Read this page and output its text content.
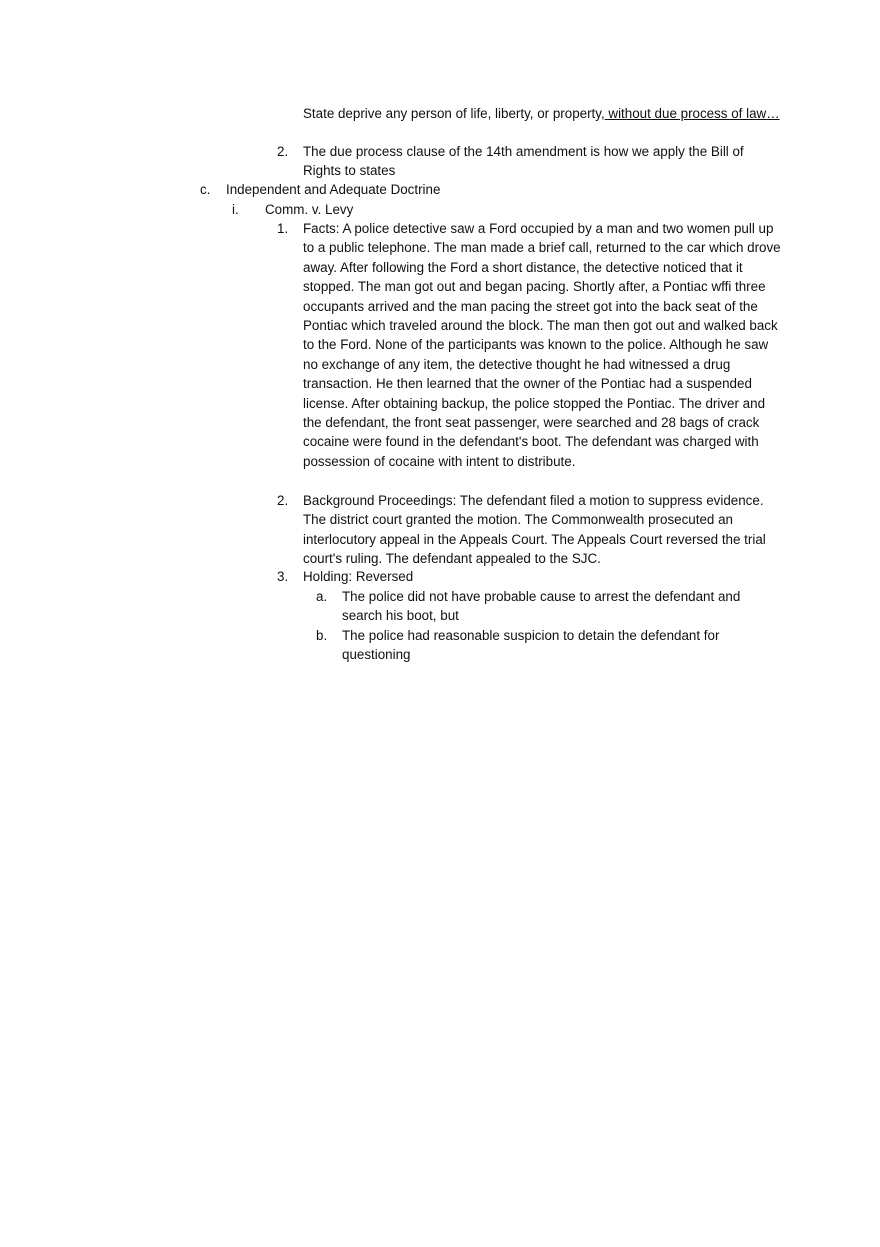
State deprive any person of life, liberty, or property, without due process of law…
2. The due process clause of the 14th amendment is how we apply the Bill of Rights to states
c. Independent and Adequate Doctrine
i. Comm. v. Levy
1. Facts: A police detective saw a Ford occupied by a man and two women pull up to a public telephone. The man made a brief call, returned to the car which drove away. After following the Ford a short distance, the detective noticed that it stopped. The man got out and began pacing. Shortly after, a Pontiac wffi three occupants arrived and the man pacing the street got into the back seat of the Pontiac which traveled around the block. The man then got out and walked back to the Ford. None of the participants was known to the police. Although he saw no exchange of any item, the detective thought he had witnessed a drug transaction. He then learned that the owner of the Pontiac had a suspended license. After obtaining backup, the police stopped the Pontiac. The driver and the defendant, the front seat passenger, were searched and 28 bags of crack cocaine were found in the defendant's boot. The defendant was charged with possession of cocaine with intent to distribute.
2. Background Proceedings: The defendant filed a motion to suppress evidence. The district court granted the motion. The Commonwealth prosecuted an interlocutory appeal in the Appeals Court. The Appeals Court reversed the trial court's ruling. The defendant appealed to the SJC.
3. Holding: Reversed
a. The police did not have probable cause to arrest the defendant and search his boot, but
b. The police had reasonable suspicion to detain the defendant for questioning
